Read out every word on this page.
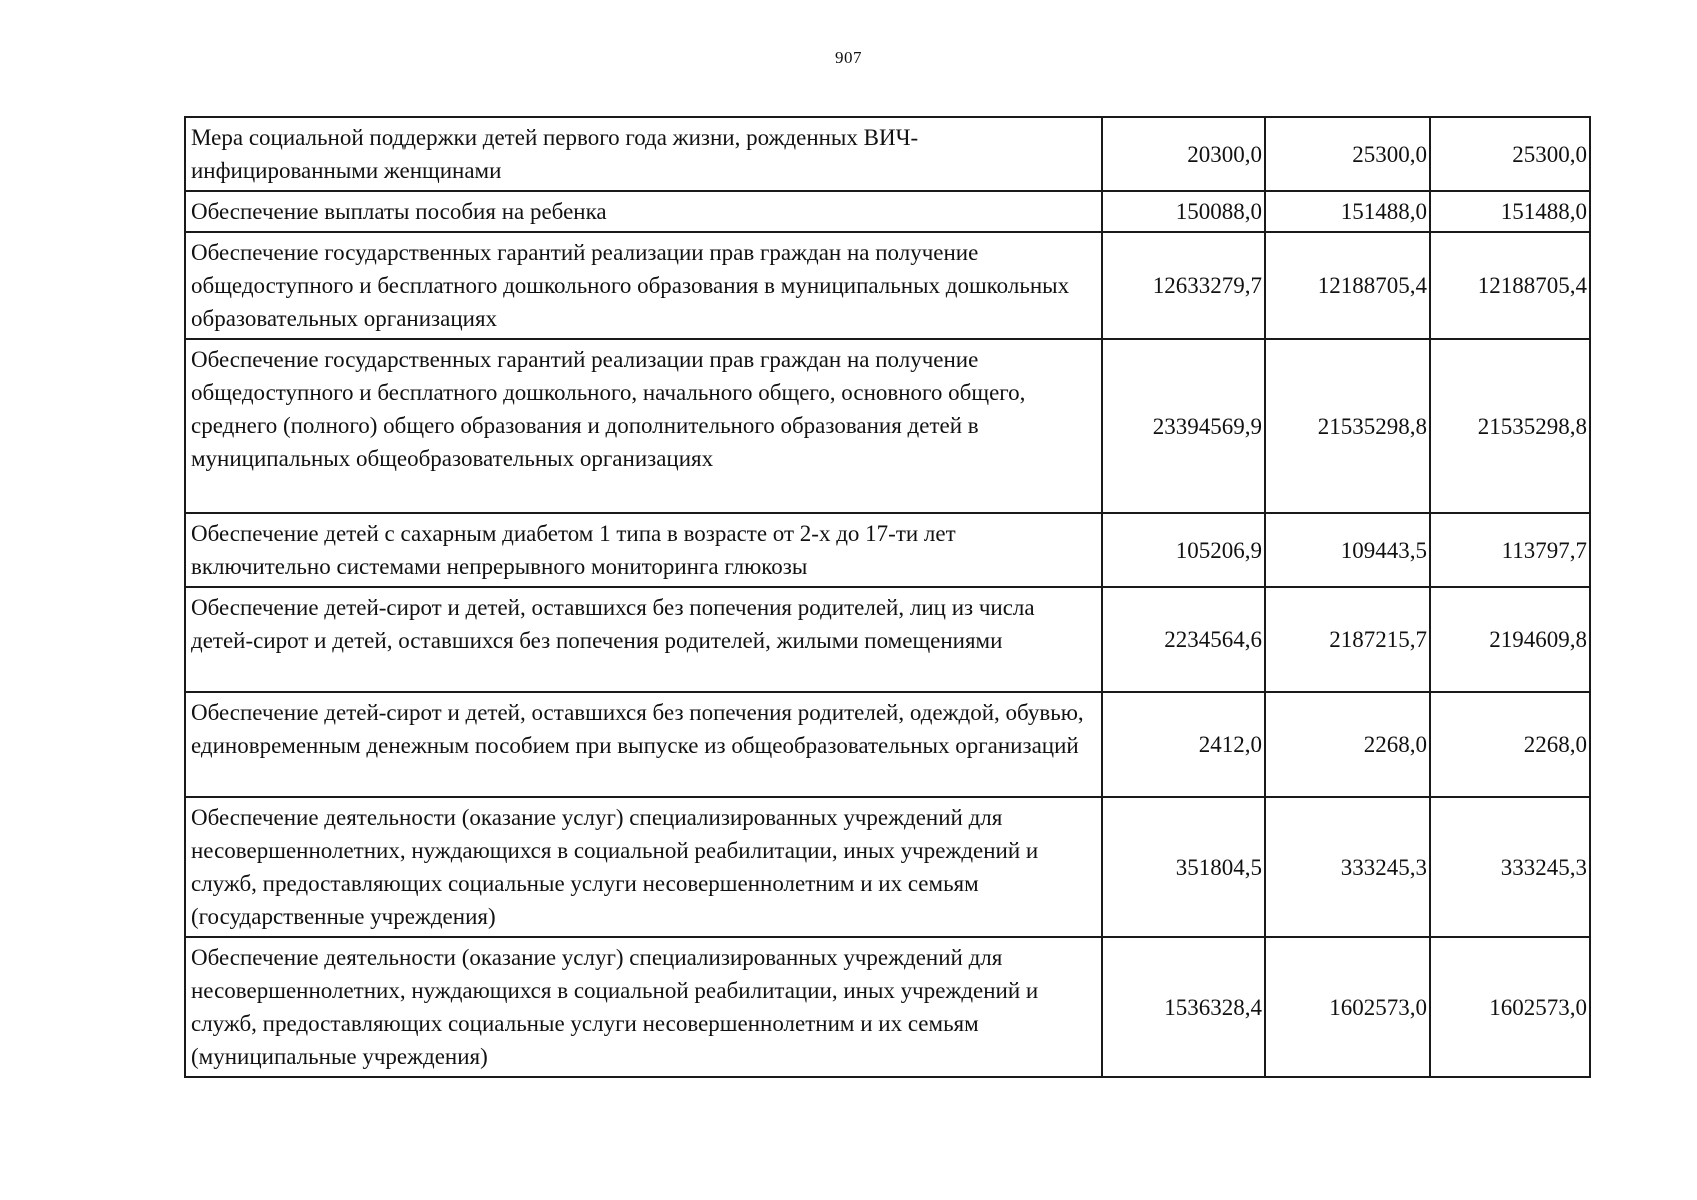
907
Мера социальной поддержки детей первого года жизни, рожденных ВИЧ-инфицированными женщинами	20300,0	25300,0	25300,0
Обеспечение выплаты пособия на ребенка	150088,0	151488,0	151488,0
Обеспечение государственных гарантий реализации прав граждан на получение общедоступного и бесплатного дошкольного образования в муниципальных дошкольных образовательных организациях	12633279,7	12188705,4	12188705,4
Обеспечение государственных гарантий реализации прав граждан на получение общедоступного и бесплатного дошкольного, начального общего, основного общего, среднего (полного) общего образования и дополнительного образования детей в муниципальных общеобразовательных организациях	23394569,9	21535298,8	21535298,8
Обеспечение детей с сахарным диабетом 1 типа в возрасте от 2-х до 17-ти лет включительно системами непрерывного мониторинга глюкозы	105206,9	109443,5	113797,7
Обеспечение детей-сирот и детей, оставшихся без попечения родителей, лиц из числа детей-сирот и детей, оставшихся без попечения родителей, жилыми помещениями	2234564,6	2187215,7	2194609,8
Обеспечение детей-сирот и детей, оставшихся без попечения родителей, одеждой, обувью, единовременным денежным пособием при выпуске из общеобразовательных организаций	2412,0	2268,0	2268,0
Обеспечение деятельности (оказание услуг) специализированных учреждений для несовершеннолетних, нуждающихся в социальной реабилитации, иных учреждений и служб, предоставляющих социальные услуги несовершеннолетним и их семьям (государственные учреждения)	351804,5	333245,3	333245,3
Обеспечение деятельности (оказание услуг) специализированных учреждений для несовершеннолетних, нуждающихся в социальной реабилитации, иных учреждений и служб, предоставляющих социальные услуги несовершеннолетним и их семьям (муниципальные учреждения)	1536328,4	1602573,0	1602573,0
